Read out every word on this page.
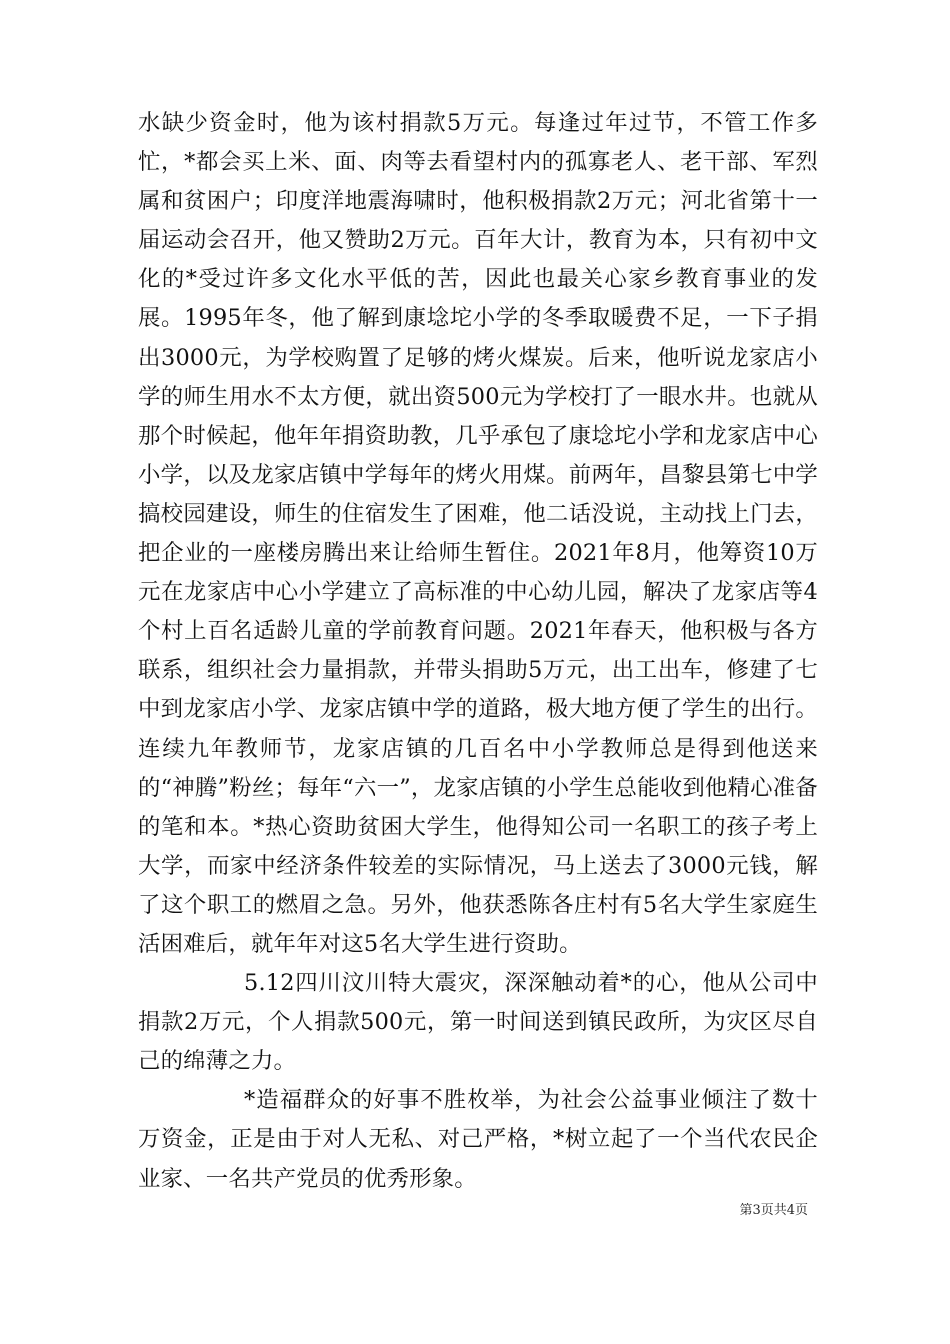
水缺少资金时，他为该村捐款5万元。每逢过年过节，不管工作多忙，*都会买上米、面、肉等去看望村内的孤寡老人、老干部、军烈属和贫困户；印度洋地震海啸时，他积极捐款2万元；河北省第十一届运动会召开，他又赞助2万元。百年大计，教育为本，只有初中文化的*受过许多文化水平低的苦，因此也最关心家乡教育事业的发展。1995年冬，他了解到康埝坨小学的冬季取暖费不足，一下子捐出3000元，为学校购置了足够的烤火煤炭。后来，他听说龙家店小学的师生用水不太方便，就出资500元为学校打了一眼水井。也就从那个时候起，他年年捐资助教，几乎承包了康埝坨小学和龙家店中心小学，以及龙家店镇中学每年的烤火用煤。前两年，昌黎县第七中学搞校园建设，师生的住宿发生了困难，他二话没说，主动找上门去，把企业的一座楼房腾出来让给师生暂住。2021年8月，他筹资10万元在龙家店中心小学建立了高标准的中心幼儿园，解决了龙家店等4个村上百名适龄儿童的学前教育问题。2021年春天，他积极与各方联系，组织社会力量捐款，并带头捐助5万元，出工出车，修建了七中到龙家店小学、龙家店镇中学的道路，极大地方便了学生的出行。连续九年教师节，龙家店镇的几百名中小学教师总是得到他送来的“神腾”粉丝；每年“六一”，龙家店镇的小学生总能收到他精心准备的笔和本。*热心资助贫困大学生，他得知公司一名职工的孩子考上大学，而家中经济条件较差的实际情况，马上送去了3000元钱，解了这个职工的燃眉之急。另外，他获悉陈各庄村有5名大学生家庭生活困难后，就年年对这5名大学生进行资助。

5.12四川汶川特大震灾，深深触动着*的心，他从公司中捐款2万元，个人捐款500元，第一时间送到镇民政所，为灾区尽自己的绵薄之力。

*造福群众的好事不胜枚举，为社会公益事业倾注了数十万资金，正是由于对人无私、对己严格，*树立起了一个当代农民企业家、一名共产党员的优秀形象。

第3页共4页
